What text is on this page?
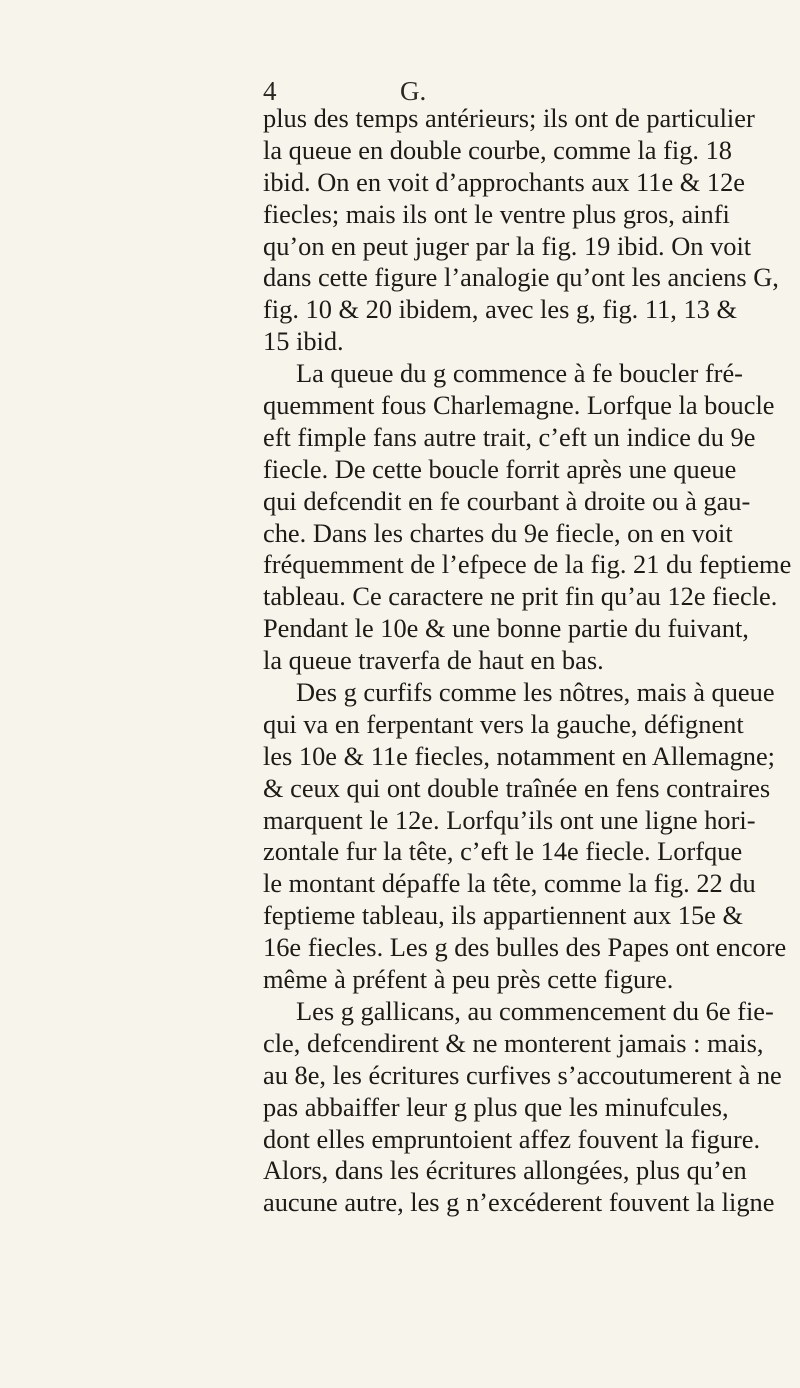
4	G.
plus des temps antérieurs; ils ont de particulier
la queue en double courbe, comme la fig. 18
ibid. On en voit d’approchants aux 11e & 12e
fiecles; mais ils ont le ventre plus gros, ainfi
qu’on en peut juger par la fig. 19 ibid. On voit
dans cette figure l’analogie qu’ont les anciens G,
fig. 10 & 20 ibidem, avec les g, fig. 11, 13 &
15 ibid.
La queue du g commence à fe boucler fré-
quemment fous Charlemagne. Lorfque la boucle
eft fimple fans autre trait, c’eft un indice du 9e
fiecle. De cette boucle forrit après une queue
qui defcendit en fe courbant à droite ou à gau-
che. Dans les chartes du 9e fiecle, on en voit
fréquemment de l’efpece de la fig. 21 du feptieme
tableau. Ce caractere ne prit fin qu’au 12e fiecle.
Pendant le 10e & une bonne partie du fuivant,
la queue traverfa de haut en bas.
Des g curfifs comme les nôtres, mais à queue
qui va en ferpentant vers la gauche, défignent
les 10e & 11e fiecles, notamment en Allemagne;
& ceux qui ont double traînée en fens contraires
marquent le 12e. Lorfqu’ils ont une ligne hori-
zontale fur la tête, c’eft le 14e fiecle. Lorfque
le montant dépaffe la tête, comme la fig. 22 du
feptieme tableau, ils appartiennent aux 15e &
16e fiecles. Les g des bulles des Papes ont encore
même à préfent à peu près cette figure.
Les g gallicans, au commencement du 6e fie-
cle, defcendirent & ne monterent jamais : mais,
au 8e, les écritures curfives s’accoutumerent à ne
pas abbaiffer leur g plus que les minufcules,
dont elles empruntoient affez fouvent la figure.
Alors, dans les écritures allongées, plus qu’en
aucune autre, les g n’excéderent fouvent la ligne
